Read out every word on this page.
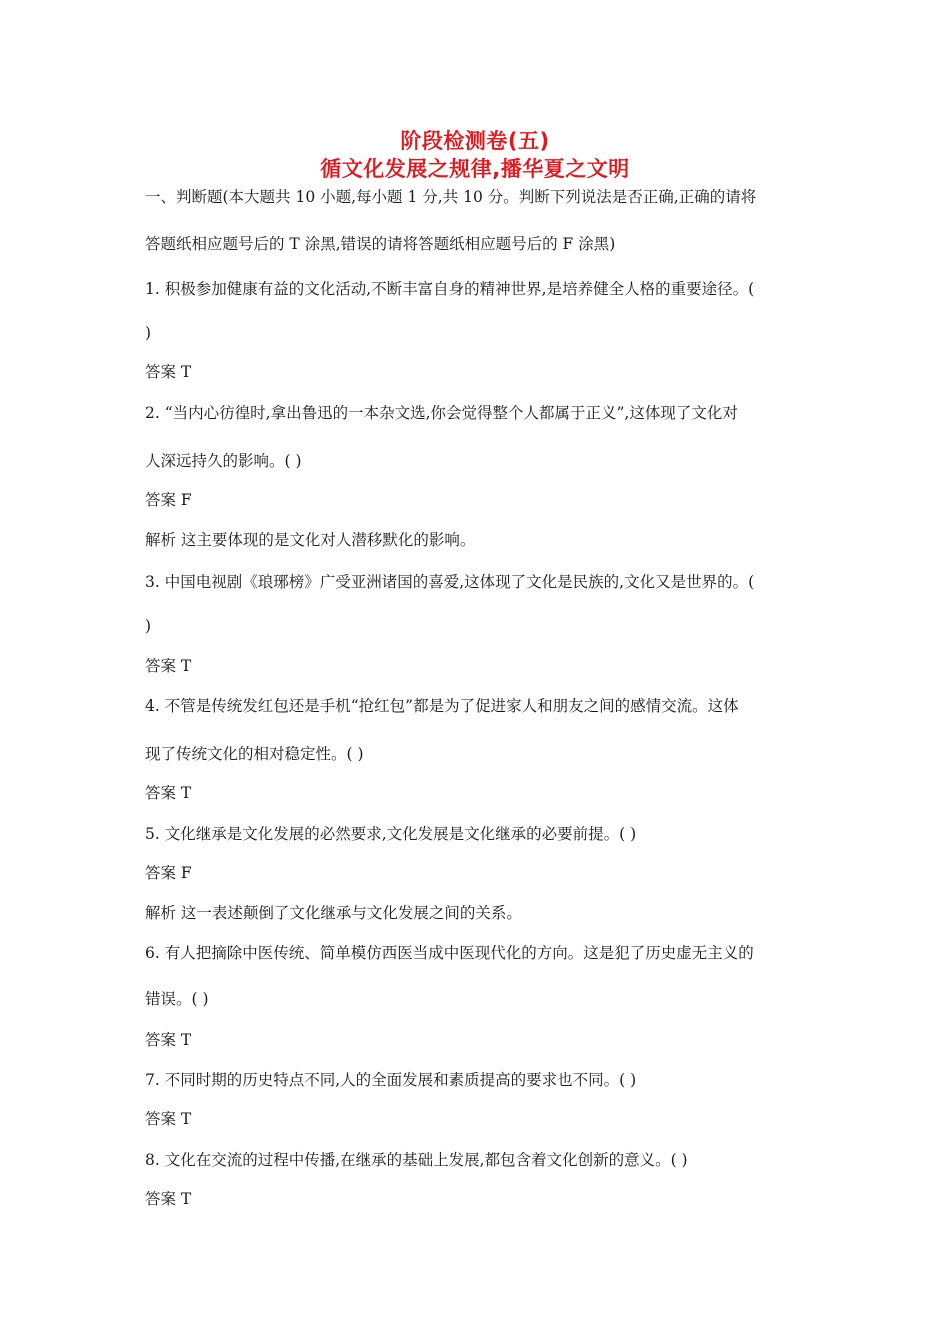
阶段检测卷(五)
循文化发展之规律,播华夏之文明
一、判断题(本大题共 10 小题,每小题 1 分,共 10 分。判断下列说法是否正确,正确的请将
答题纸相应题号后的 T 涂黑,错误的请将答题纸相应题号后的 F 涂黑)
1. 积极参加健康有益的文化活动,不断丰富自身的精神世界,是培养健全人格的重要途径。(
)
答案 T
2. “当内心彷徨时,拿出鲁迅的一本杂文选,你会觉得整个人都属于正义”,这体现了文化对
人深远持久的影响。( )
答案 F
解析 这主要体现的是文化对人潜移默化的影响。
3. 中国电视剧《琅琊榜》广受亚洲诸国的喜爱,这体现了文化是民族的,文化又是世界的。(
)
答案 T
4. 不管是传统发红包还是手机“抢红包”都是为了促进家人和朋友之间的感情交流。这体
现了传统文化的相对稳定性。( )
答案 T
5. 文化继承是文化发展的必然要求,文化发展是文化继承的必要前提。( )
答案 F
解析 这一表述颠倒了文化继承与文化发展之间的关系。
6. 有人把摘除中医传统、简单模仿西医当成中医现代化的方向。这是犯了历史虚无主义的
错误。( )
答案 T
7. 不同时期的历史特点不同,人的全面发展和素质提高的要求也不同。( )
答案 T
8. 文化在交流的过程中传播,在继承的基础上发展,都包含着文化创新的意义。( )
答案 T
